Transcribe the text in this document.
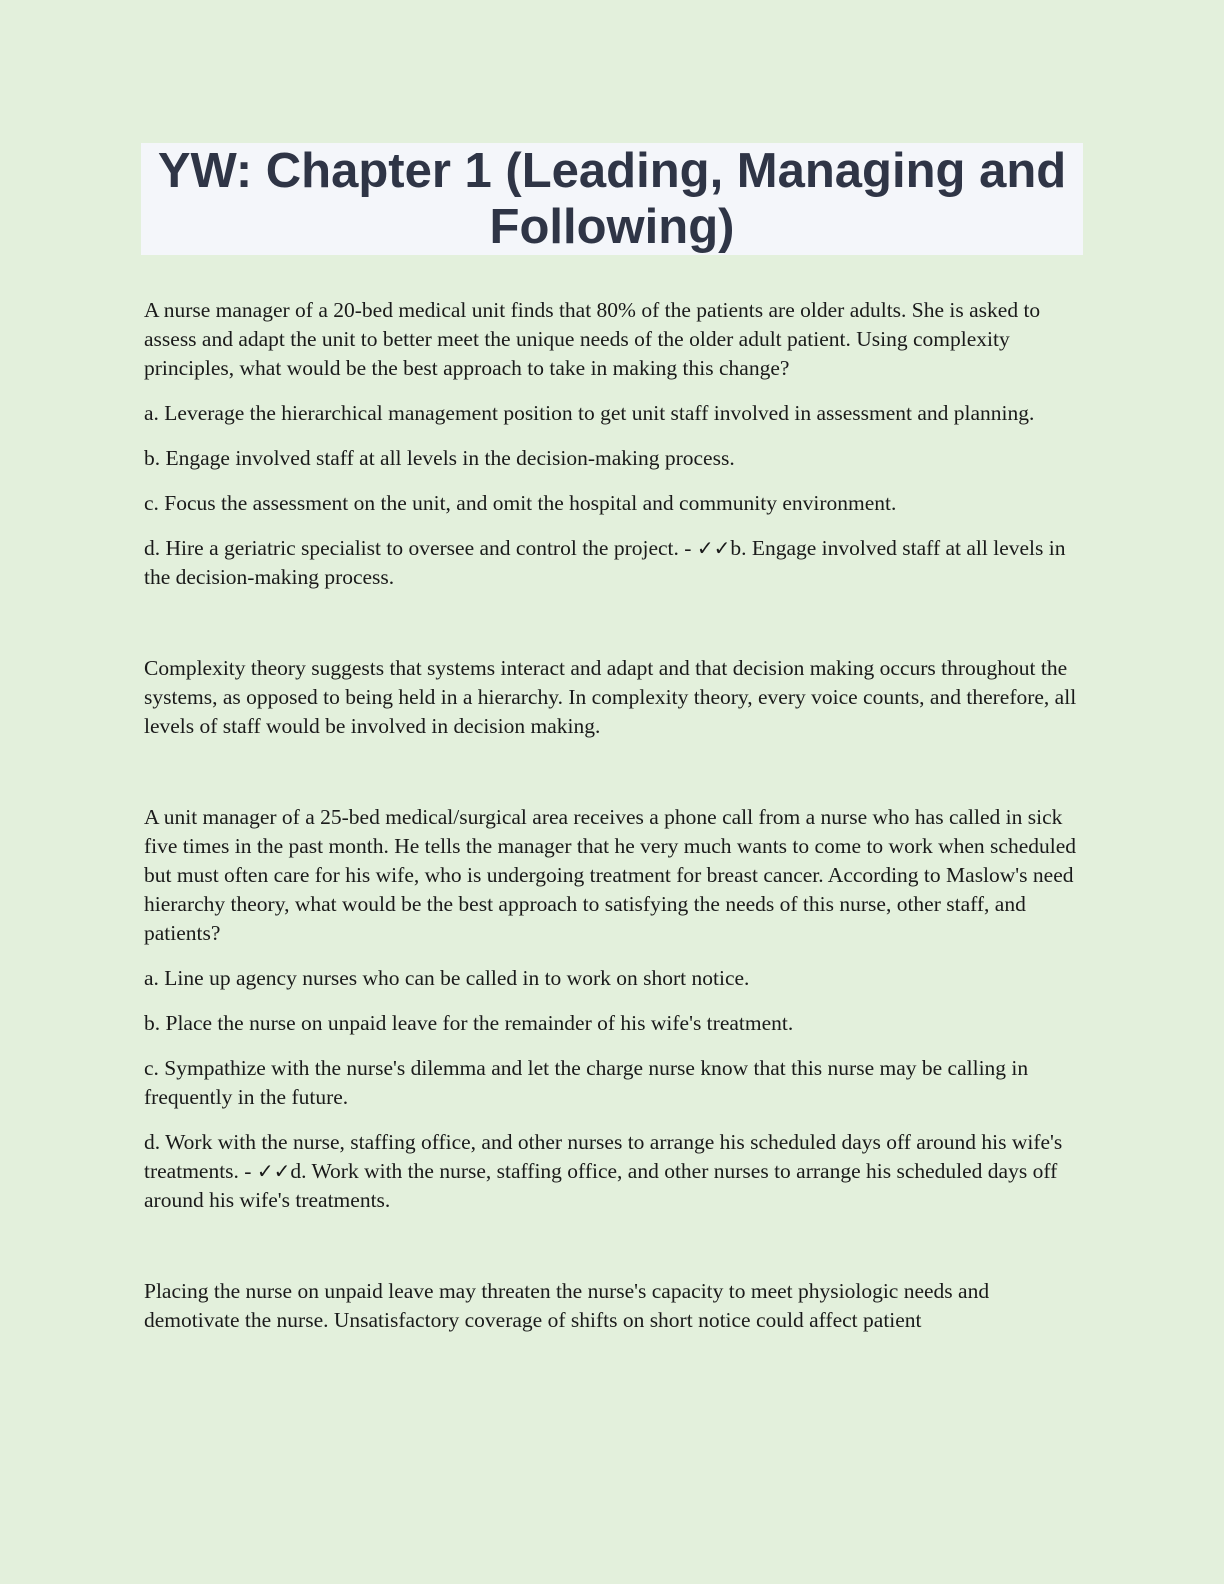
YW: Chapter 1 (Leading, Managing and Following)

A nurse manager of a 20-bed medical unit finds that 80% of the patients are older adults. She is asked to assess and adapt the unit to better meet the unique needs of the older adult patient. Using complexity principles, what would be the best approach to take in making this change?

a. Leverage the hierarchical management position to get unit staff involved in assessment and planning.

b. Engage involved staff at all levels in the decision-making process.

c. Focus the assessment on the unit, and omit the hospital and community environment.

d. Hire a geriatric specialist to oversee and control the project. - ✓✓b. Engage involved staff at all levels in the decision-making process.

Complexity theory suggests that systems interact and adapt and that decision making occurs throughout the systems, as opposed to being held in a hierarchy. In complexity theory, every voice counts, and therefore, all levels of staff would be involved in decision making.

A unit manager of a 25-bed medical/surgical area receives a phone call from a nurse who has called in sick five times in the past month. He tells the manager that he very much wants to come to work when scheduled but must often care for his wife, who is undergoing treatment for breast cancer. According to Maslow's need hierarchy theory, what would be the best approach to satisfying the needs of this nurse, other staff, and patients?

a. Line up agency nurses who can be called in to work on short notice.

b. Place the nurse on unpaid leave for the remainder of his wife's treatment.

c. Sympathize with the nurse's dilemma and let the charge nurse know that this nurse may be calling in frequently in the future.

d. Work with the nurse, staffing office, and other nurses to arrange his scheduled days off around his wife's treatments. - ✓✓d. Work with the nurse, staffing office, and other nurses to arrange his scheduled days off around his wife's treatments.

Placing the nurse on unpaid leave may threaten the nurse's capacity to meet physiologic needs and demotivate the nurse. Unsatisfactory coverage of shifts on short notice could affect patient
